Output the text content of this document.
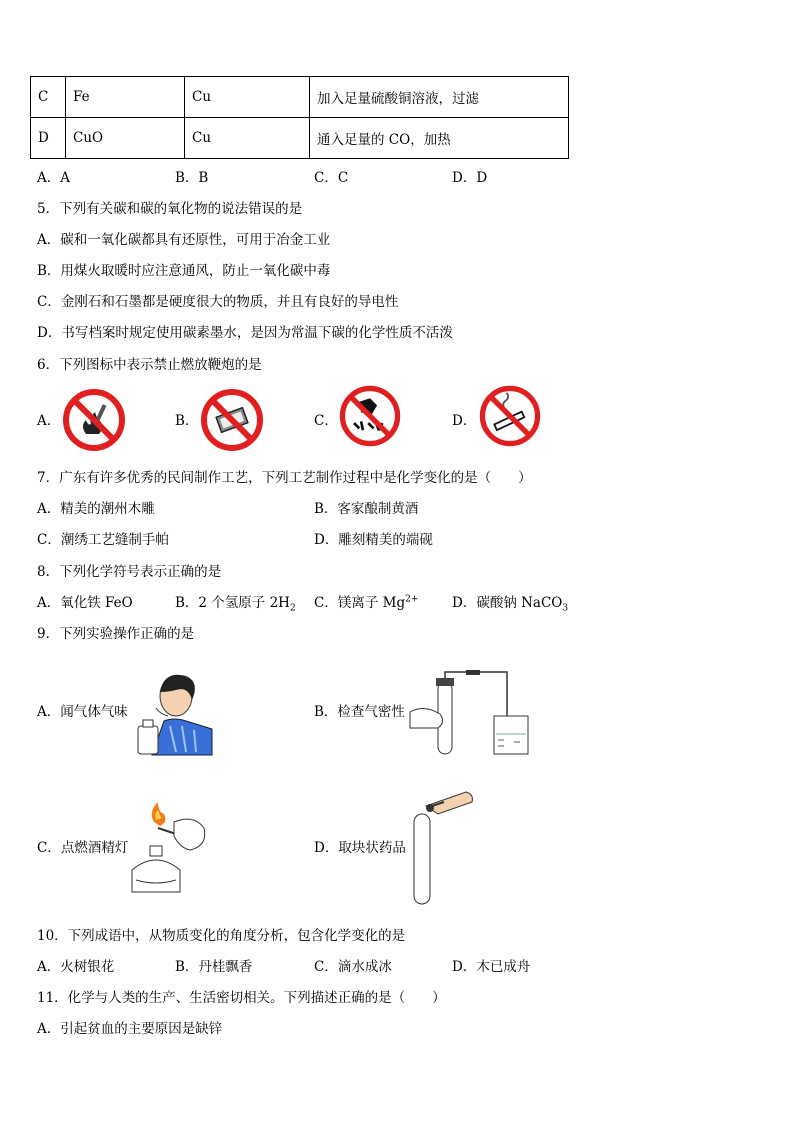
C	Fe	Cu	加入足量硫酸铜溶液，过滤
D	CuO	Cu	通入足量的 CO，加热
A．A	B．B	C．C	D．D
5．下列有关碳和碳的氧化物的说法错误的是
A．碳和一氧化碳都具有还原性，可用于冶金工业
B．用煤火取暖时应注意通风，防止一氧化碳中毒
C．金刚石和石墨都是硬度很大的物质，并且有良好的导电性
D．书写档案时规定使用碳素墨水，是因为常温下碳的化学性质不活泼
6．下列图标中表示禁止燃放鞭炮的是
A．	B．	C．	D．
7．广东有许多优秀的民间制作工艺，下列工艺制作过程中是化学变化的是（　　）
A．精美的潮州木雕	B．客家酿制黄酒
C．潮绣工艺缝制手帕	D．雕刻精美的端砚
8．下列化学符号表示正确的是
A．氧化铁 FeO	B．2 个氢原子 $2H_2$ C．镁离子 $Mg^{2+}$ D．碳酸钠 NaCO$_3$
9．下列实验操作正确的是
A．闻气体气味	B．检查气密性
C．点燃酒精灯	D．取块状药品
10．下列成语中，从物质变化的角度分析，包含化学变化的是
A．火树银花	B．丹桂飘香	C．滴水成冰	D．木已成舟
11．化学与人类的生产、生活密切相关。下列描述正确的是（　　）
A．引起贫血的主要原因是缺锌
